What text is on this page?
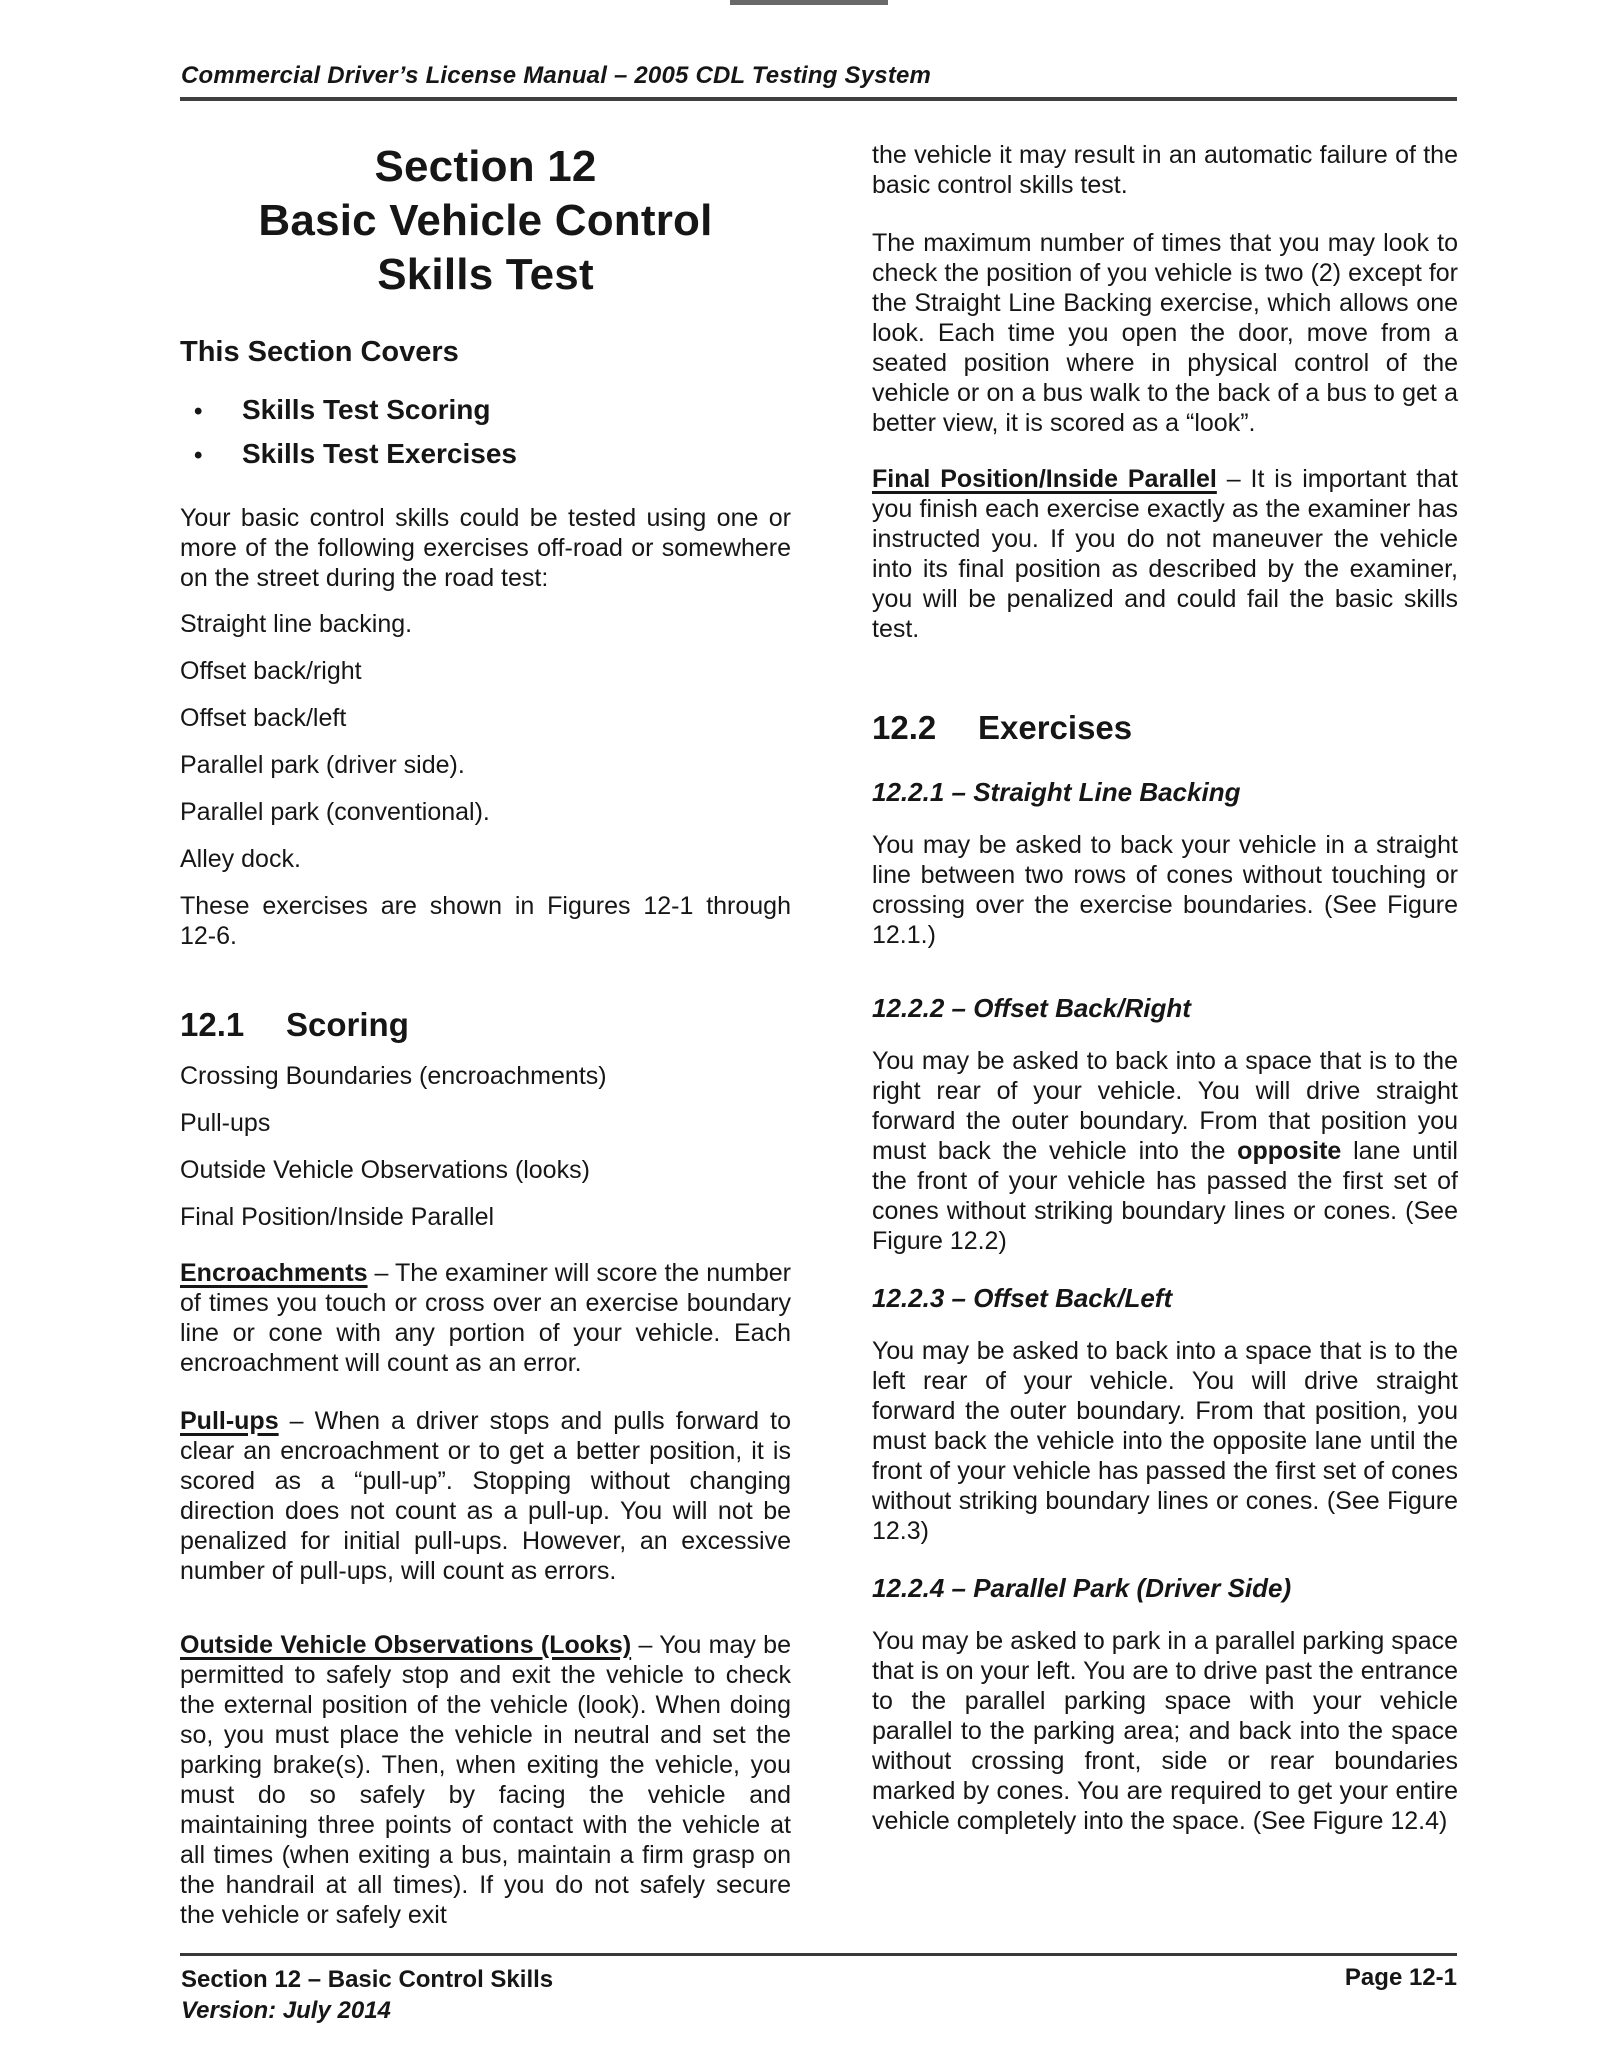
Commercial Driver’s License Manual – 2005 CDL Testing System
Section 12
Basic Vehicle Control
Skills Test
This Section Covers
•	Skills Test Scoring
•	Skills Test Exercises
Your basic control skills could be tested using one or more of the following exercises off-road or somewhere on the street during the road test:
Straight line backing.
Offset back/right
Offset back/left
Parallel park (driver side).
Parallel park (conventional).
Alley dock.
These exercises are shown in Figures 12-1 through 12-6.
12.1 Scoring
Crossing Boundaries (encroachments)
Pull-ups
Outside Vehicle Observations (looks)
Final Position/Inside Parallel
Encroachments – The examiner will score the number of times you touch or cross over an exercise boundary line or cone with any portion of your vehicle. Each encroachment will count as an error.
Pull-ups – When a driver stops and pulls forward to clear an encroachment or to get a better position, it is scored as a “pull-up”. Stopping without changing direction does not count as a pull-up. You will not be penalized for initial pull-ups. However, an excessive number of pull-ups, will count as errors.
Outside Vehicle Observations (Looks) – You may be permitted to safely stop and exit the vehicle to check the external position of the vehicle (look). When doing so, you must place the vehicle in neutral and set the parking brake(s). Then, when exiting the vehicle, you must do so safely by facing the vehicle and maintaining three points of contact with the vehicle at all times (when exiting a bus, maintain a firm grasp on the handrail at all times). If you do not safely secure the vehicle or safely exit
the vehicle it may result in an automatic failure of the basic control skills test.
The maximum number of times that you may look to check the position of you vehicle is two (2) except for the Straight Line Backing exercise, which allows one look. Each time you open the door, move from a seated position where in physical control of the vehicle or on a bus walk to the back of a bus to get a better view, it is scored as a “look”.
Final Position/Inside Parallel – It is important that you finish each exercise exactly as the examiner has instructed you. If you do not maneuver the vehicle into its final position as described by the examiner, you will be penalized and could fail the basic skills test.
12.2 Exercises
12.2.1 – Straight Line Backing
You may be asked to back your vehicle in a straight line between two rows of cones without touching or crossing over the exercise boundaries. (See Figure 12.1.)
12.2.2 – Offset Back/Right
You may be asked to back into a space that is to the right rear of your vehicle. You will drive straight forward the outer boundary. From that position you must back the vehicle into the opposite lane until the front of your vehicle has passed the first set of cones without striking boundary lines or cones. (See Figure 12.2)
12.2.3 – Offset Back/Left
You may be asked to back into a space that is to the left rear of your vehicle. You will drive straight forward the outer boundary. From that position, you must back the vehicle into the opposite lane until the front of your vehicle has passed the first set of cones without striking boundary lines or cones. (See Figure 12.3)
12.2.4 – Parallel Park (Driver Side)
You may be asked to park in a parallel parking space that is on your left. You are to drive past the entrance to the parallel parking space with your vehicle parallel to the parking area; and back into the space without crossing front, side or rear boundaries marked by cones. You are required to get your entire vehicle completely into the space. (See Figure 12.4)
Section 12 – Basic Control Skills
Version: July 2014
Page 12-1
